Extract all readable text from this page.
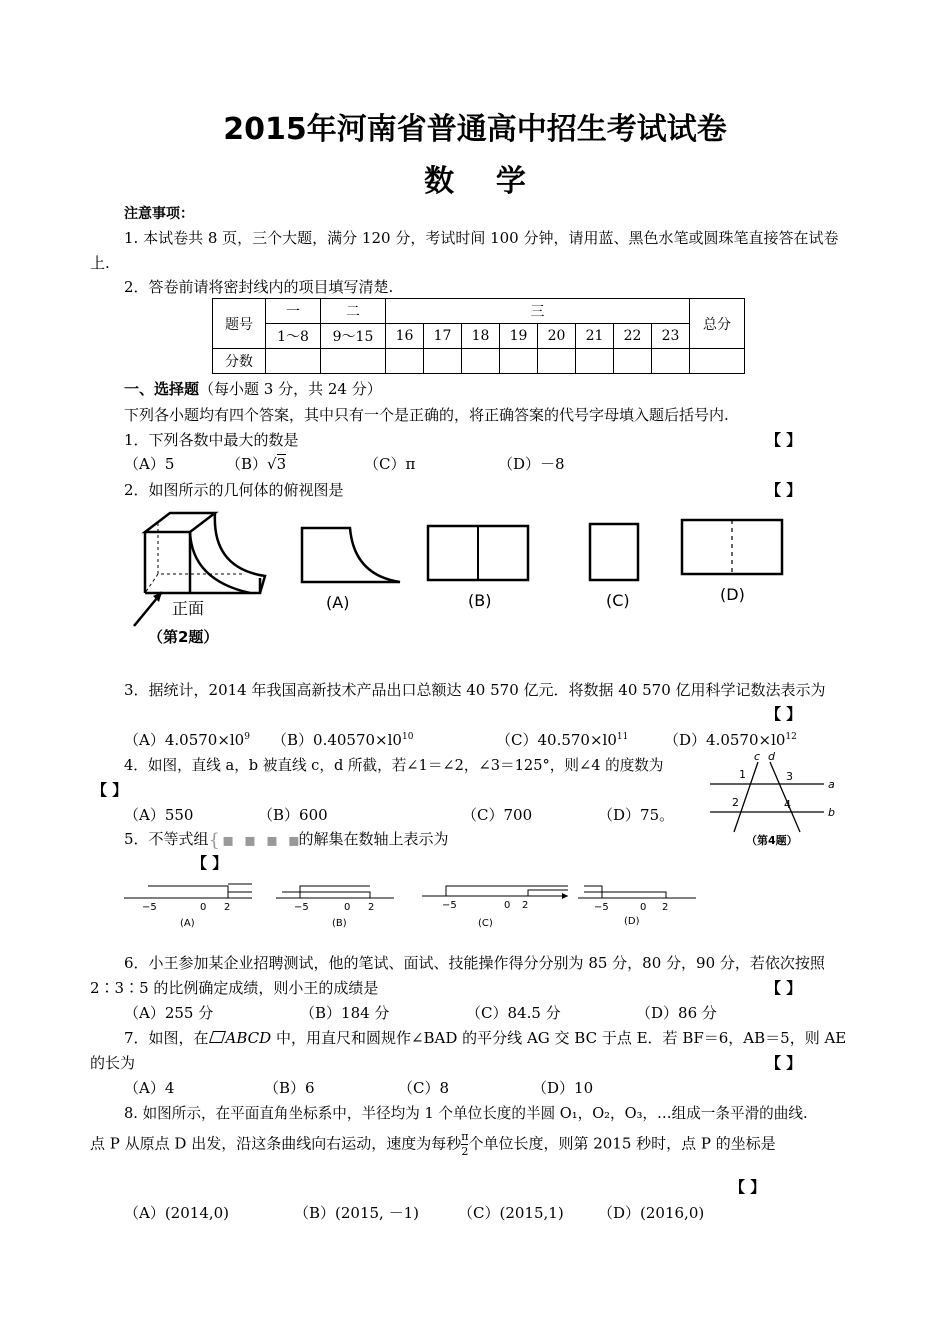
2015年河南省普通高中招生考试试卷
数    学
注意事项：
1. 本试卷共 8 页，三个大题，满分 120 分，考试时间 100 分钟，请用蓝、黑色水笔或圆珠笔直接答在试卷
上.
2．答卷前请将密封线内的项目填写清楚.
题号	一	二	三								总分
	1～8	9～15	16	17	18	19	20	21	22	23	
分数											
一、选择题（每小题 3 分，共 24 分）
下列各小题均有四个答案，其中只有一个是正确的，将正确答案的代号字母填入题后括号内.
1．下列各数中最大的数是	【 】
（A）5	（B）√3	（C）π	（D）－8
2．如图所示的几何体的俯视图是	【 】
正面
（第2题）
(A)	(B)	(C)	(D)
3．据统计，2014 年我国高新技术产品出口总额达 40 570 亿元．将数据 40 570 亿用科学记数法表示为
【 】
$(A)4.0570\times l0^9$ $(B)0.40570\times l0^{10}$	$(C)40.570\times l0^{11}$ $(D)4.0570\times l0^{12}$
4．如图，直线 a，b 被直线 c，d 所截，若∠1＝∠2，∠3＝125°，则∠4 的度数为
【 】
（A）550	（B）600	（C）700	（D）75。
c d
a
b
1
2
3
4
（第4题）
5．不等式组{▪ ▪ ▪ ▪的解集在数轴上表示为
【 】
−5	0 2
(A)
−5	0 2
(B)
−5	0 2
(C)
−5	0 2
(D)
6．小王参加某企业招聘测试，他的笔试、面试、技能操作得分分别为 85 分，80 分，90 分，若依次按照
2∶3∶5 的比例确定成绩，则小王的成绩是	【 】
（A）255 分	（B）184 分	（C）84.5 分	（D）86 分
7．如图，在 ABCD 中，用直尺和圆规作∠BAD 的平分线 AG 交 BC 于点 E．若 BF＝6，AB＝5，则 AE
的长为	【 】
（A）4	（B）6	（C）8	（D）10
8. 如图所示，在平面直角坐标系中，半径均为 1 个单位长度的半圆 O₁，O₂，O₃，…组成一条平滑的曲线.
点 P 从原点 D 出发，沿这条曲线向右运动，速度为每秒 $\frac{\pi}{2}$ 个单位长度，则第 2015 秒时，点 P 的坐标是
【 】
（A）(2014,0)	（B）(2015, －1)	（C）(2015,1) （D）(2016,0)
